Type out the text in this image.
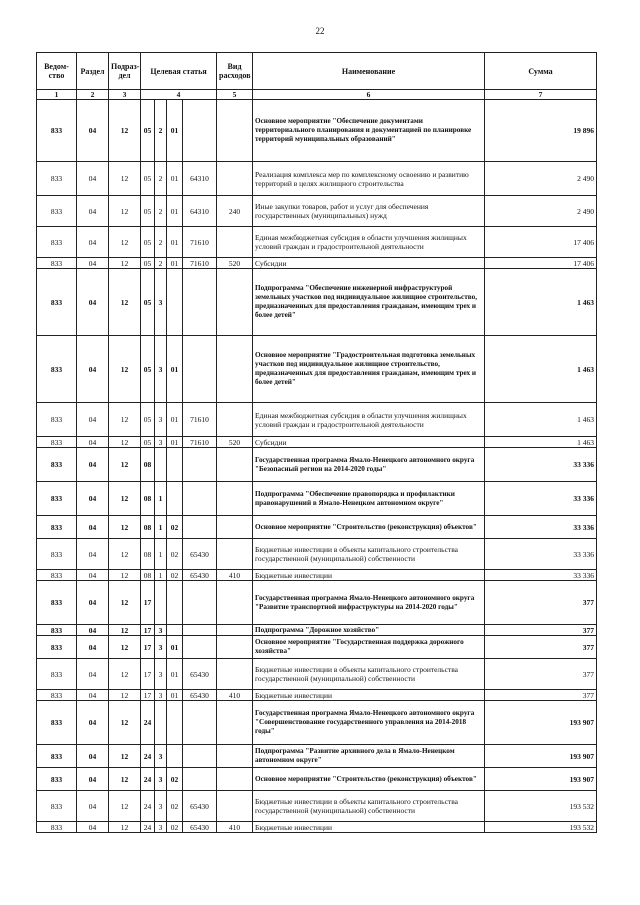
22
Ведом-ство	Раздел	Подраз-дел	Целевая статья				Вид расходов	Наименование	Сумма
1	2	3	4				5	6	7
833	04	12	05	2	01			Основное мероприятие "Обеспечение документами территориального планирования и документацией по планировке территорий муниципальных образований"	19 896
833	04	12	05	2	01	64310		Реализация комплекса мер по комплексному освоению и развитию территорий в целях жилищного строительства	2 490
833	04	12	05	2	01	64310	240	Иные закупки товаров, работ и услуг для обеспечения государственных (муниципальных) нужд	2 490
833	04	12	05	2	01	71610		Единая межбюджетная субсидия в области улучшения жилищных условий граждан и градостроительной деятельности	17 406
833	04	12	05	2	01	71610	520	Субсидии	17 406
833	04	12	05	3				Подпрограмма "Обеспечение инженерной инфраструктурой земельных участков под индивидуальное жилищное строительство, предназначенных для предоставления гражданам, имеющим трех и более детей"	1 463
833	04	12	05	3	01			Основное мероприятие "Градостроительная подготовка земельных участков под индивидуальное жилищное строительство, предназначенных для предоставления гражданам, имеющим трех и более детей"	1 463
833	04	12	05	3	01	71610		Единая межбюджетная субсидия в области улучшения жилищных условий граждан и градостроительной деятельности	1 463
833	04	12	05	3	01	71610	520	Субсидии	1 463
833	04	12	08					Государственная программа Ямало-Ненецкого автономного округа "Безопасный регион на 2014-2020 годы"	33 336
833	04	12	08	1				Подпрограмма "Обеспечение правопорядка и профилактики правонарушений в Ямало-Ненецком автономном округе"	33 336
833	04	12	08	1	02			Основное мероприятие "Строительство (реконструкция) объектов"	33 336
833	04	12	08	1	02	65430		Бюджетные инвестиции в объекты капитального строительства государственной (муниципальной) собственности	33 336
833	04	12	08	1	02	65430	410	Бюджетные инвестиции	33 336
833	04	12	17					Государственная программа Ямало-Ненецкого автономного округа "Развитие транспортной инфраструктуры на 2014-2020 годы"	377
833	04	12	17	3				Подпрограмма "Дорожное хозяйство"	377
833	04	12	17	3	01			Основное мероприятие "Государственная поддержка дорожного хозяйства"	377
833	04	12	17	3	01	65430		Бюджетные инвестиции в объекты капитального строительства государственной (муниципальной) собственности	377
833	04	12	17	3	01	65430	410	Бюджетные инвестиции	377
833	04	12	24					Государственная программа Ямало-Ненецкого автономного округа "Совершенствование государственного управления на 2014-2018 годы"	193 907
833	04	12	24	3				Подпрограмма "Развитие архивного дела в Ямало-Ненецком автономном округе"	193 907
833	04	12	24	3	02			Основное мероприятие "Строительство (реконструкция) объектов"	193 907
833	04	12	24	3	02	65430		Бюджетные инвестиции в объекты капитального строительства государственной (муниципальной) собственности	193 532
833	04	12	24	3	02	65430	410	Бюджетные инвестиции	193 532
